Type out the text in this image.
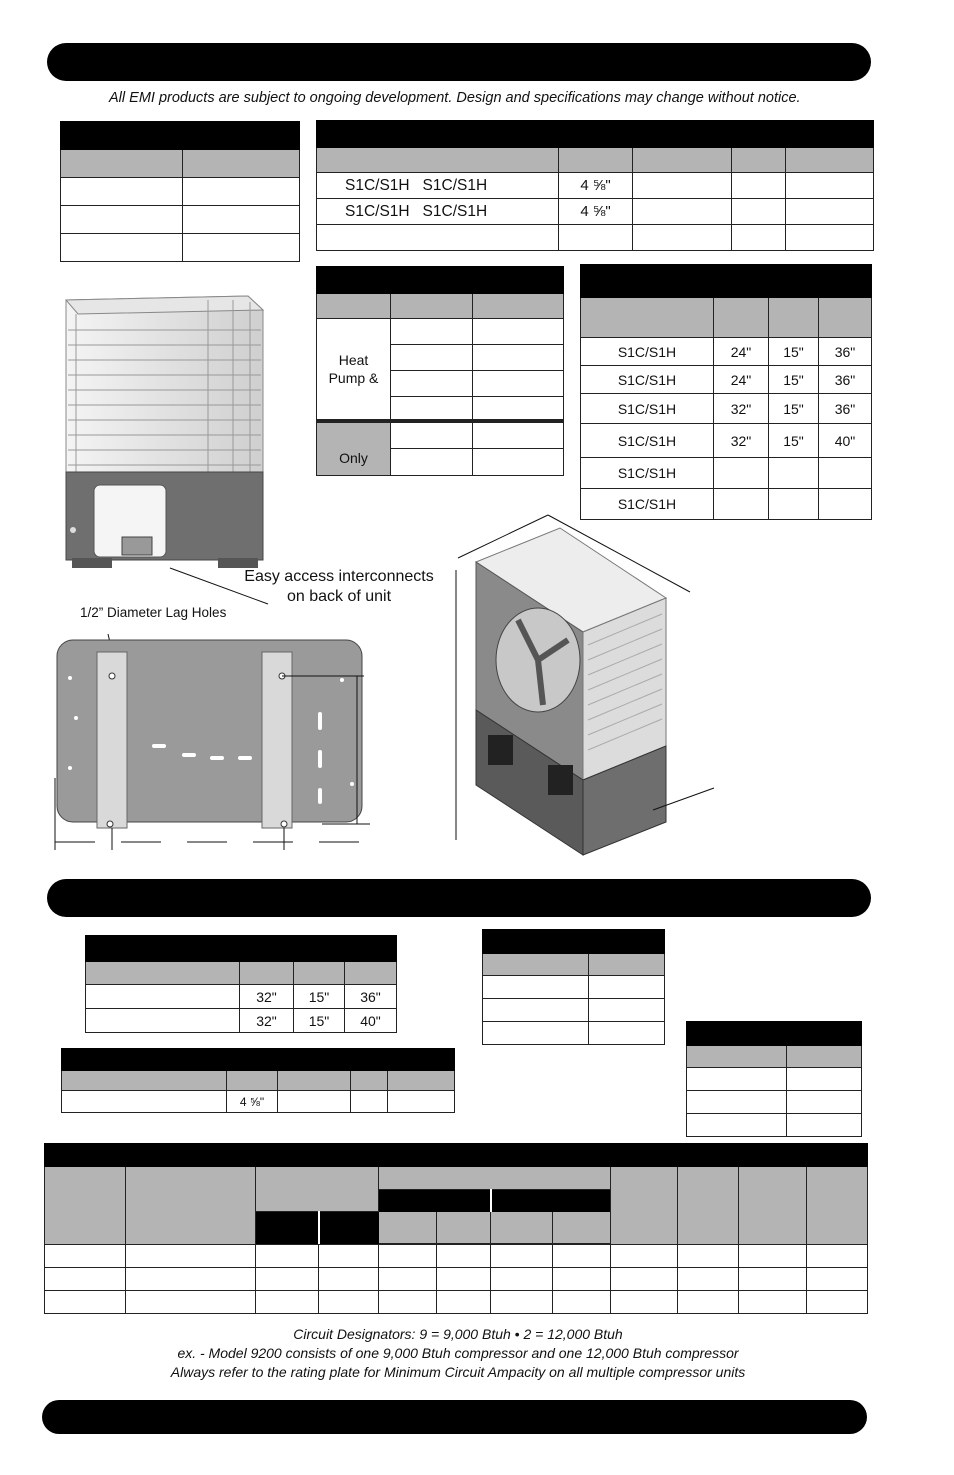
All EMI products are subject to ongoing development. Design and specifications may change without notice.

S1C/S1H S1C/S1H	4 ⅝"			
S1C/S1H S1C/S1H	4 ⅝"			

Heat
Pump &		

Only		

S1C/S1H	24"	15"	36"
S1C/S1H	24"	15"	36"
S1C/S1H	32"	15"	36"
S1C/S1H	32"	15"	40"
S1C/S1H			
S1C/S1H			
Easy access interconnects
on back of unit
1/2” Diameter Lag Holes

	32"	15"	36"
	32"	15"	40"

	4 ⅝"			

Circuit Designators: 9 = 9,000 Btuh • 2 = 12,000 Btuh
ex. - Model 9200 consists of one 9,000 Btuh compressor and one 12,000 Btuh compressor
Always refer to the rating plate for Minimum Circuit Ampacity on all multiple compressor units
